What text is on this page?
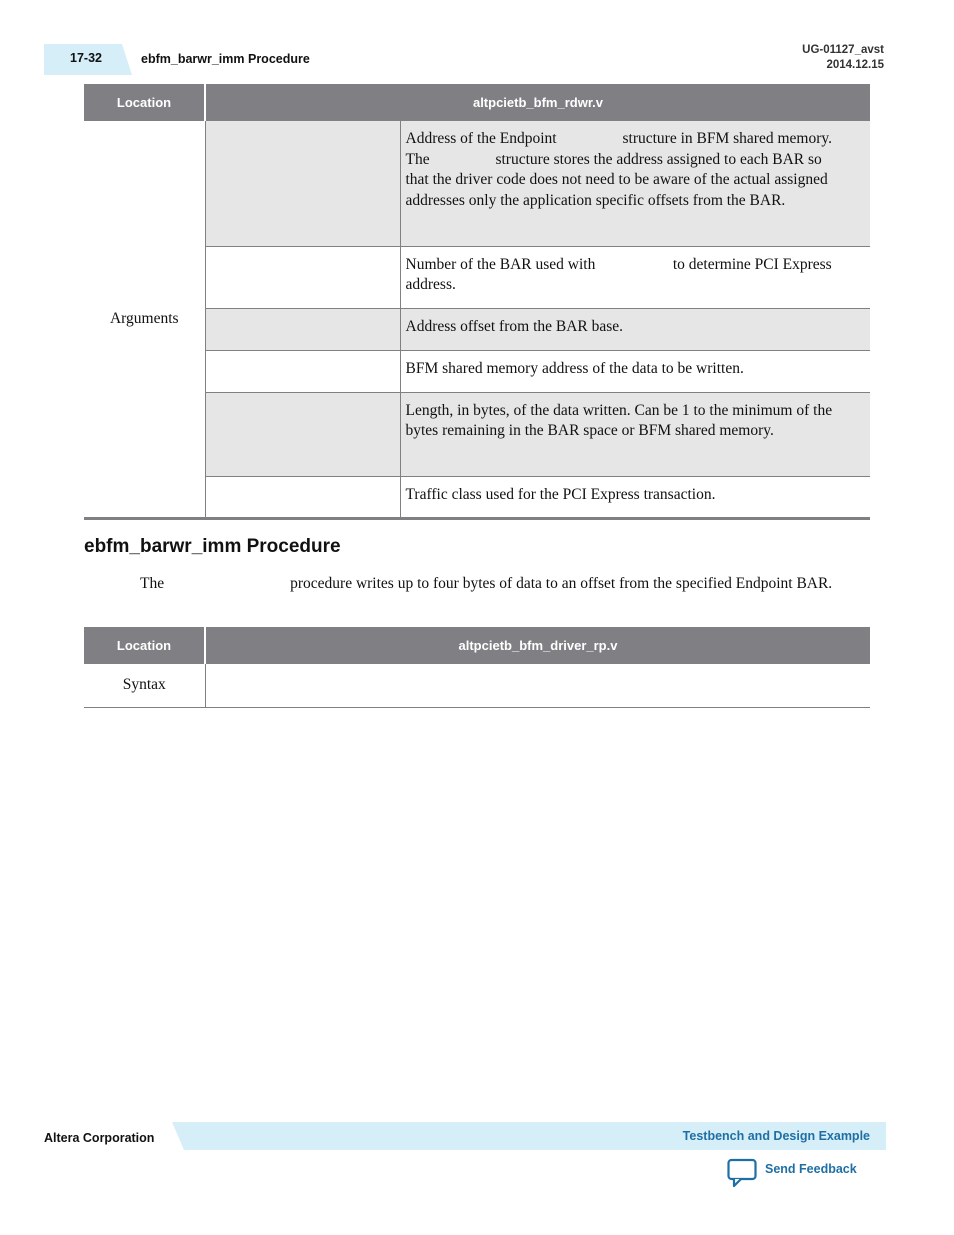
17-32	ebfm_barwr_imm Procedure
UG-01127_avst
2014.12.15
Location	altpcietb_bfm_rdwr.v	
Arguments		Address of the Endpoint                 structure in BFM shared memory. The                 structure stores the address assigned to each BAR so that the driver code does not need to be aware of the actual assigned addresses only the application specific offsets from the BAR.
		Number of the BAR used with                    to determine PCI Express address.
		Address offset from the BAR base.
		BFM shared memory address of the data to be written.
		Length, in bytes, of the data written. Can be 1 to the minimum of the bytes remaining in the BAR space or BFM shared memory.
		Traffic class used for the PCI Express transaction.
ebfm_barwr_imm Procedure
The	procedure writes up to four bytes of data to an offset from the specified Endpoint BAR.
Location	altpcietb_bfm_driver_rp.v
Syntax	
Altera Corporation	Testbench and Design Example
Send Feedback
